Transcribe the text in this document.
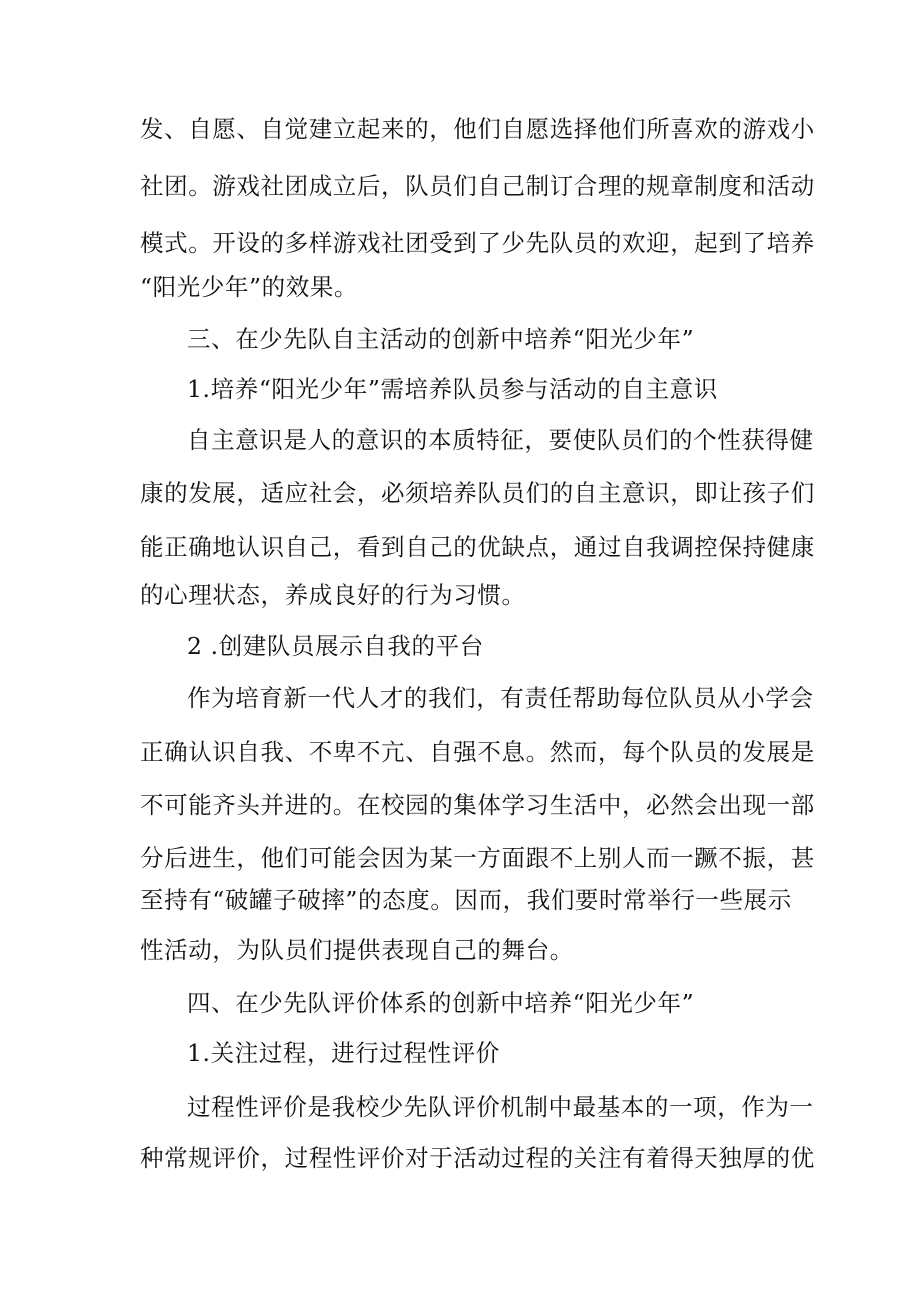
发、自愿、自觉建立起来的，他们自愿选择他们所喜欢的游戏小
社团。游戏社团成立后，队员们自己制订合理的规章制度和活动
模式。开设的多样游戏社团受到了少先队员的欢迎，起到了培养
“阳光少年”的效果。
三、在少先队自主活动的创新中培养“阳光少年”
1.培养“阳光少年”需培养队员参与活动的自主意识
自主意识是人的意识的本质特征，要使队员们的个性获得健
康的发展，适应社会，必须培养队员们的自主意识，即让孩子们
能正确地认识自己，看到自己的优缺点，通过自我调控保持健康
的心理状态，养成良好的行为习惯。
2 .创建队员展示自我的平台
作为培育新一代人才的我们，有责任帮助每位队员从小学会
正确认识自我、不卑不亢、自强不息。然而，每个队员的发展是
不可能齐头并进的。在校园的集体学习生活中，必然会出现一部
分后进生，他们可能会因为某一方面跟不上别人而一蹶不振，甚
至持有“破罐子破摔”的态度。因而，我们要时常举行一些展示
性活动，为队员们提供表现自己的舞台。
四、在少先队评价体系的创新中培养“阳光少年”
1.关注过程，进行过程性评价
过程性评价是我校少先队评价机制中最基本的一项，作为一
种常规评价，过程性评价对于活动过程的关注有着得天独厚的优
